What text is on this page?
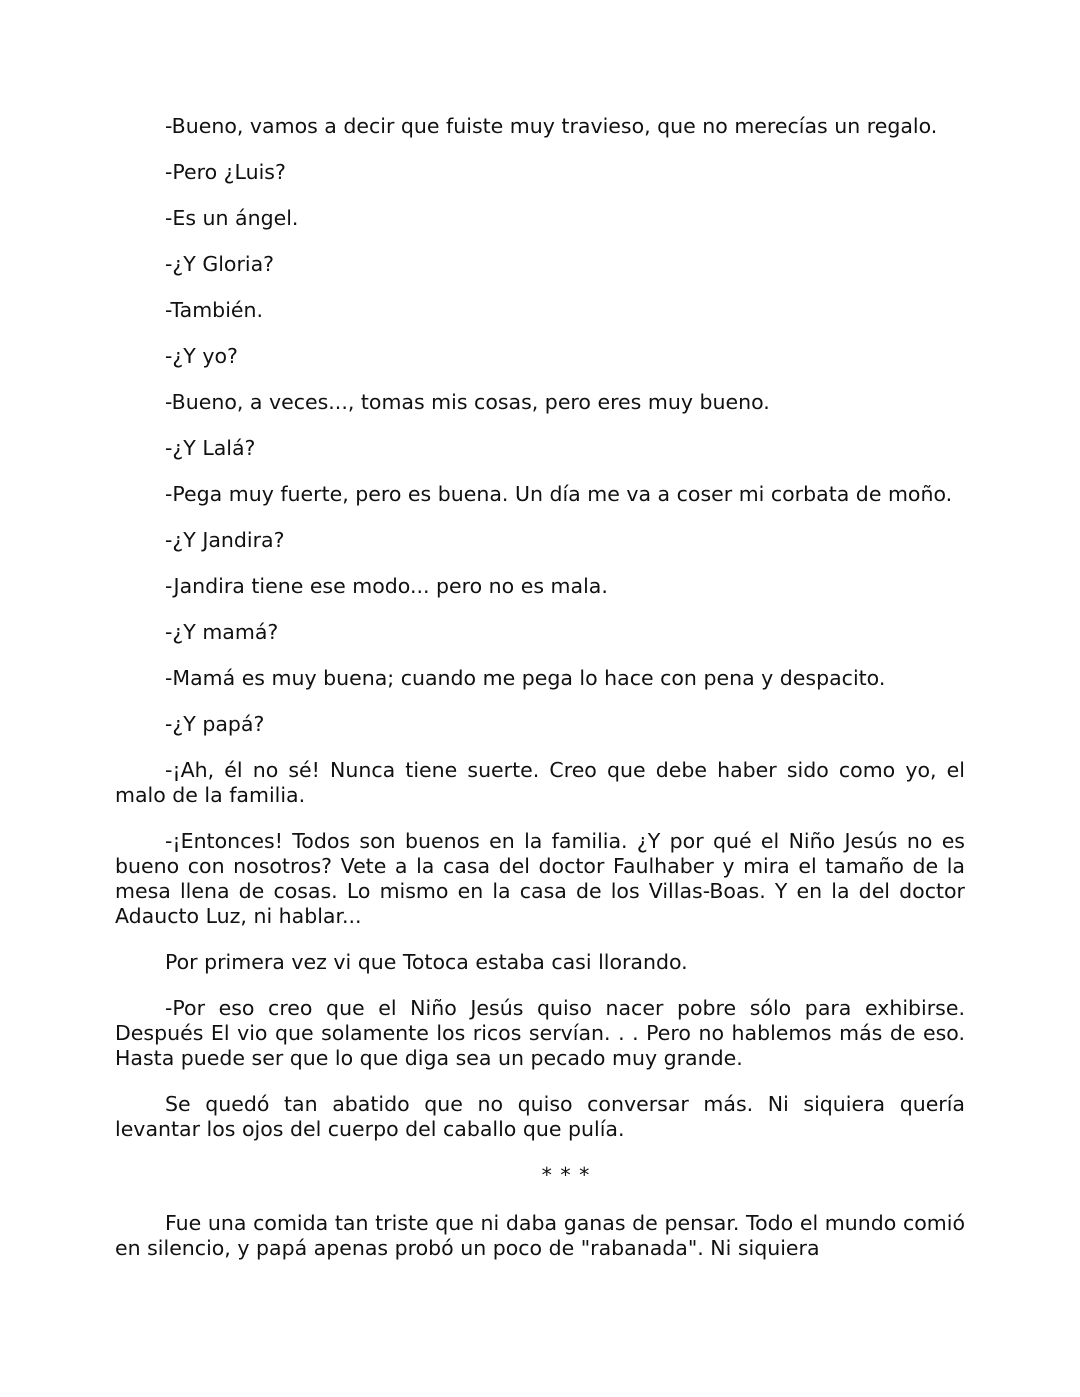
-Bueno, vamos a decir que fuiste muy travieso, que no merecías un regalo.

-Pero ¿Luis?

-Es un ángel.

-¿Y Gloria?

-También.

-¿Y yo?

-Bueno, a veces..., tomas mis cosas, pero eres muy bueno.

-¿Y Lalá?

-Pega muy fuerte, pero es buena. Un día me va a coser mi corbata de moño.

-¿Y Jandira?

-Jandira tiene ese modo... pero no es mala.

-¿Y mamá?

-Mamá es muy buena; cuando me pega lo hace con pena y despacito.

-¿Y papá?

-¡Ah, él no sé! Nunca tiene suerte. Creo que debe haber sido como yo, el malo de la familia.

-¡Entonces! Todos son buenos en la familia. ¿Y por qué el Niño Jesús no es bueno con nosotros? Vete a la casa del doctor Faulhaber y mira el tamaño de la mesa llena de cosas. Lo mismo en la casa de los Villas-Boas. Y en la del doctor Adaucto Luz, ni hablar...

Por primera vez vi que Totoca estaba casi llorando.

-Por eso creo que el Niño Jesús quiso nacer pobre sólo para exhibirse. Después El vio que solamente los ricos servían. . . Pero no hablemos más de eso. Hasta puede ser que lo que diga sea un pecado muy grande.

Se quedó tan abatido que no quiso conversar más. Ni siquiera quería levantar los ojos del cuerpo del caballo que pulía.

* * *

Fue una comida tan triste que ni daba ganas de pensar. Todo el mundo comió en silencio, y papá apenas probó un poco de "rabanada". Ni siquiera
